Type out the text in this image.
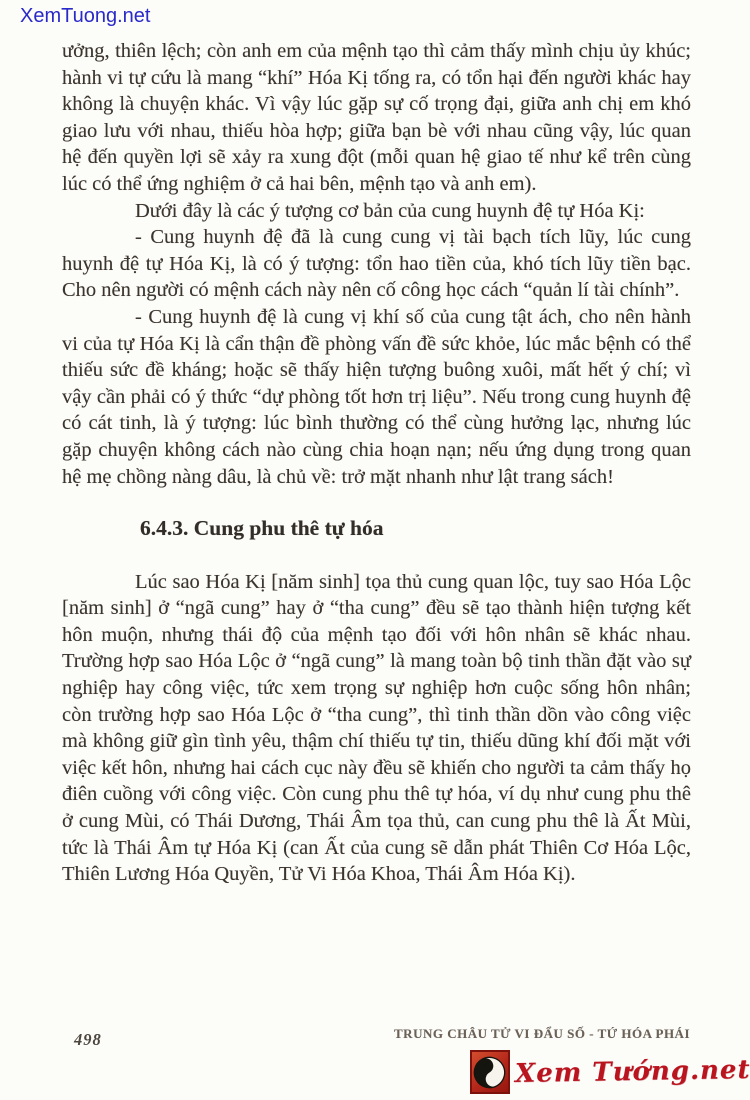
XemTuong.net

ưởng, thiên lệch; còn anh em của mệnh tạo thì cảm thấy mình chịu ủy khúc; hành vi tự cứu là mang “khí” Hóa Kị tống ra, có tổn hại đến người khác hay không là chuyện khác. Vì vậy lúc gặp sự cố trọng đại, giữa anh chị em khó giao lưu với nhau, thiếu hòa hợp; giữa bạn bè với nhau cũng vậy, lúc quan hệ đến quyền lợi sẽ xảy ra xung đột (mỗi quan hệ giao tế như kể trên cùng lúc có thể ứng nghiệm ở cả hai bên, mệnh tạo và anh em).

Dưới đây là các ý tượng cơ bản của cung huynh đệ tự Hóa Kị:

- Cung huynh đệ đã là cung cung vị tài bạch tích lũy, lúc cung huynh đệ tự Hóa Kị, là có ý tượng: tổn hao tiền của, khó tích lũy tiền bạc. Cho nên người có mệnh cách này nên cố công học cách “quản lí tài chính”.

- Cung huynh đệ là cung vị khí số của cung tật ách, cho nên hành vi của tự Hóa Kị là cẩn thận đề phòng vấn đề sức khỏe, lúc mắc bệnh có thể thiếu sức đề kháng; hoặc sẽ thấy hiện tượng buông xuôi, mất hết ý chí; vì vậy cần phải có ý thức “dự phòng tốt hơn trị liệu”. Nếu trong cung huynh đệ có cát tinh, là ý tượng: lúc bình thường có thể cùng hưởng lạc, nhưng lúc gặp chuyện không cách nào cùng chia hoạn nạn; nếu ứng dụng trong quan hệ mẹ chồng nàng dâu, là chủ về: trở mặt nhanh như lật trang sách!

6.4.3. Cung phu thê tự hóa

Lúc sao Hóa Kị [năm sinh] tọa thủ cung quan lộc, tuy sao Hóa Lộc [năm sinh] ở “ngã cung” hay ở “tha cung” đều sẽ tạo thành hiện tượng kết hôn muộn, nhưng thái độ của mệnh tạo đối với hôn nhân sẽ khác nhau. Trường hợp sao Hóa Lộc ở “ngã cung” là mang toàn bộ tinh thần đặt vào sự nghiệp hay công việc, tức xem trọng sự nghiệp hơn cuộc sống hôn nhân; còn trường hợp sao Hóa Lộc ở “tha cung”, thì tinh thần dồn vào công việc mà không giữ gìn tình yêu, thậm chí thiếu tự tin, thiếu dũng khí đối mặt với việc kết hôn, nhưng hai cách cục này đều sẽ khiến cho người ta cảm thấy họ điên cuồng với công việc. Còn cung phu thê tự hóa, ví dụ như cung phu thê ở cung Mùi, có Thái Dương, Thái Âm tọa thủ, can cung phu thê là Ất Mùi, tức là Thái Âm tự Hóa Kị (can Ất của cung sẽ dẫn phát Thiên Cơ Hóa Lộc, Thiên Lương Hóa Quyền, Tử Vi Hóa Khoa, Thái Âm Hóa Kị).

498	TRUNG CHÂU TỬ VI ĐẨU SỐ - TỨ HÓA PHÁI
Xem Tướng.net
